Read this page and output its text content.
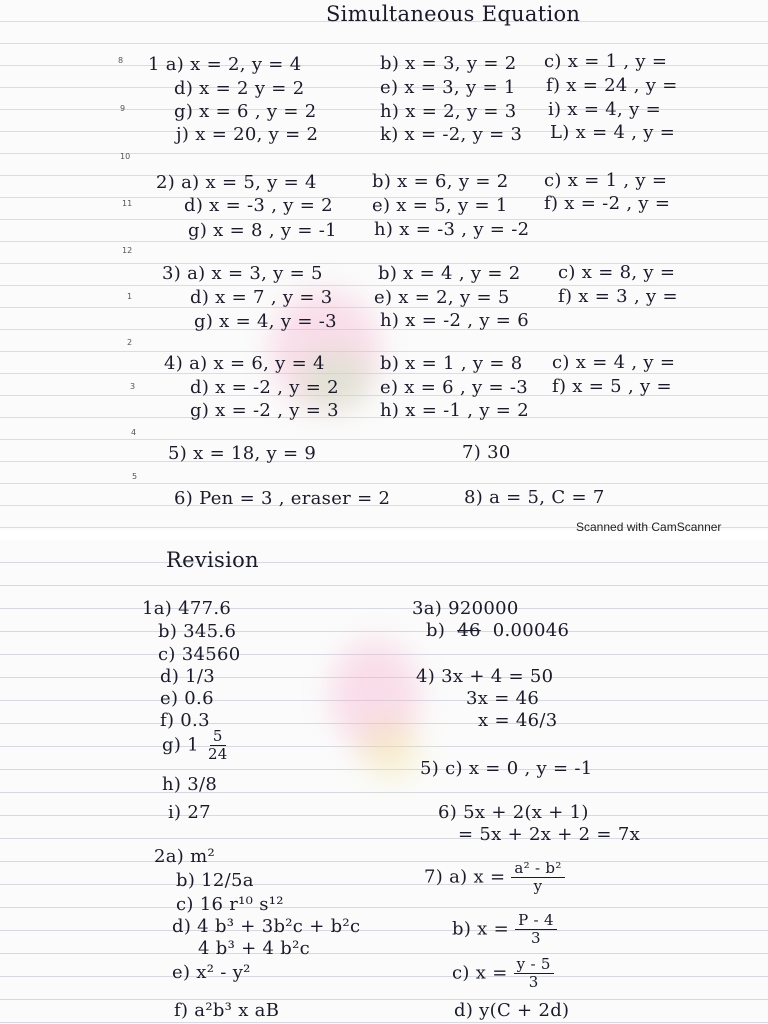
Simultaneous Equation
8
9
10
11
12
1
2
3
4
5
1 a) x = 2, y = 4	b) x = 3, y = 2 c) x = 1 , y =
d) x = 2 y = 2	e) x = 3, y = 1 f) x = 24 , y =
g) x = 6 , y = 2	h) x = 2, y = 3 i) x = 4, y =
j) x = 20, y = 2	k) x = -2, y = 3 L) x = 4 , y =
2) a) x = 5, y = 4	b) x = 6, y = 2 c) x = 1 , y =
d) x = -3 , y = 2 e) x = 5, y = 1 f) x = -2 , y =
g) x = 8 , y = -1 h) x = -3 , y = -2
3) a) x = 3, y = 5	b) x = 4 , y = 2 c) x = 8, y =
d) x = 7 , y = 3 e) x = 2, y = 5	f) x = 3 , y =
g) x = 4, y = -3 h) x = -2 , y = 6
4) a) x = 6, y = 4	b) x = 1 , y = 8 c) x = 4 , y =
d) x = -2 , y = 2 e) x = 6 , y = -3 f) x = 5 , y =
g) x = -2 , y = 3 h) x = -1 , y = 2
5) x = 18, y = 9	7) 30
6) Pen = 3 , eraser = 2	8) a = 5, C = 7
Scanned with CamScanner
Revision
1a) 477.6
b) 345.6
c) 34560
d) 1/3
e) 0.6
f) 0.3
g) $1 \frac{5}{24}$
h) 3/8
i) 27
2a) m²
b) 12/5a
c) 16 r¹⁰ s¹²
d) 4 b³ + 3b²c + b²c
4 b³ + 4 b²c
e) x² - y²
f) a²b³ x aB
3a) 920000
b) 46 0.00046
4) 3x + 4 = 50
3x = 46
x = 46/3
5) c) x = 0 , y = -1
6) 5x + 2(x + 1)
= 5x + 2x + 2 = 7x
7) a) $x = \frac{\text{a² - b²}}{y}$
b) $x = \frac{P - 4}{3}$
c) $x = \frac{y - 5}{3}$
d) y(C + 2d)
